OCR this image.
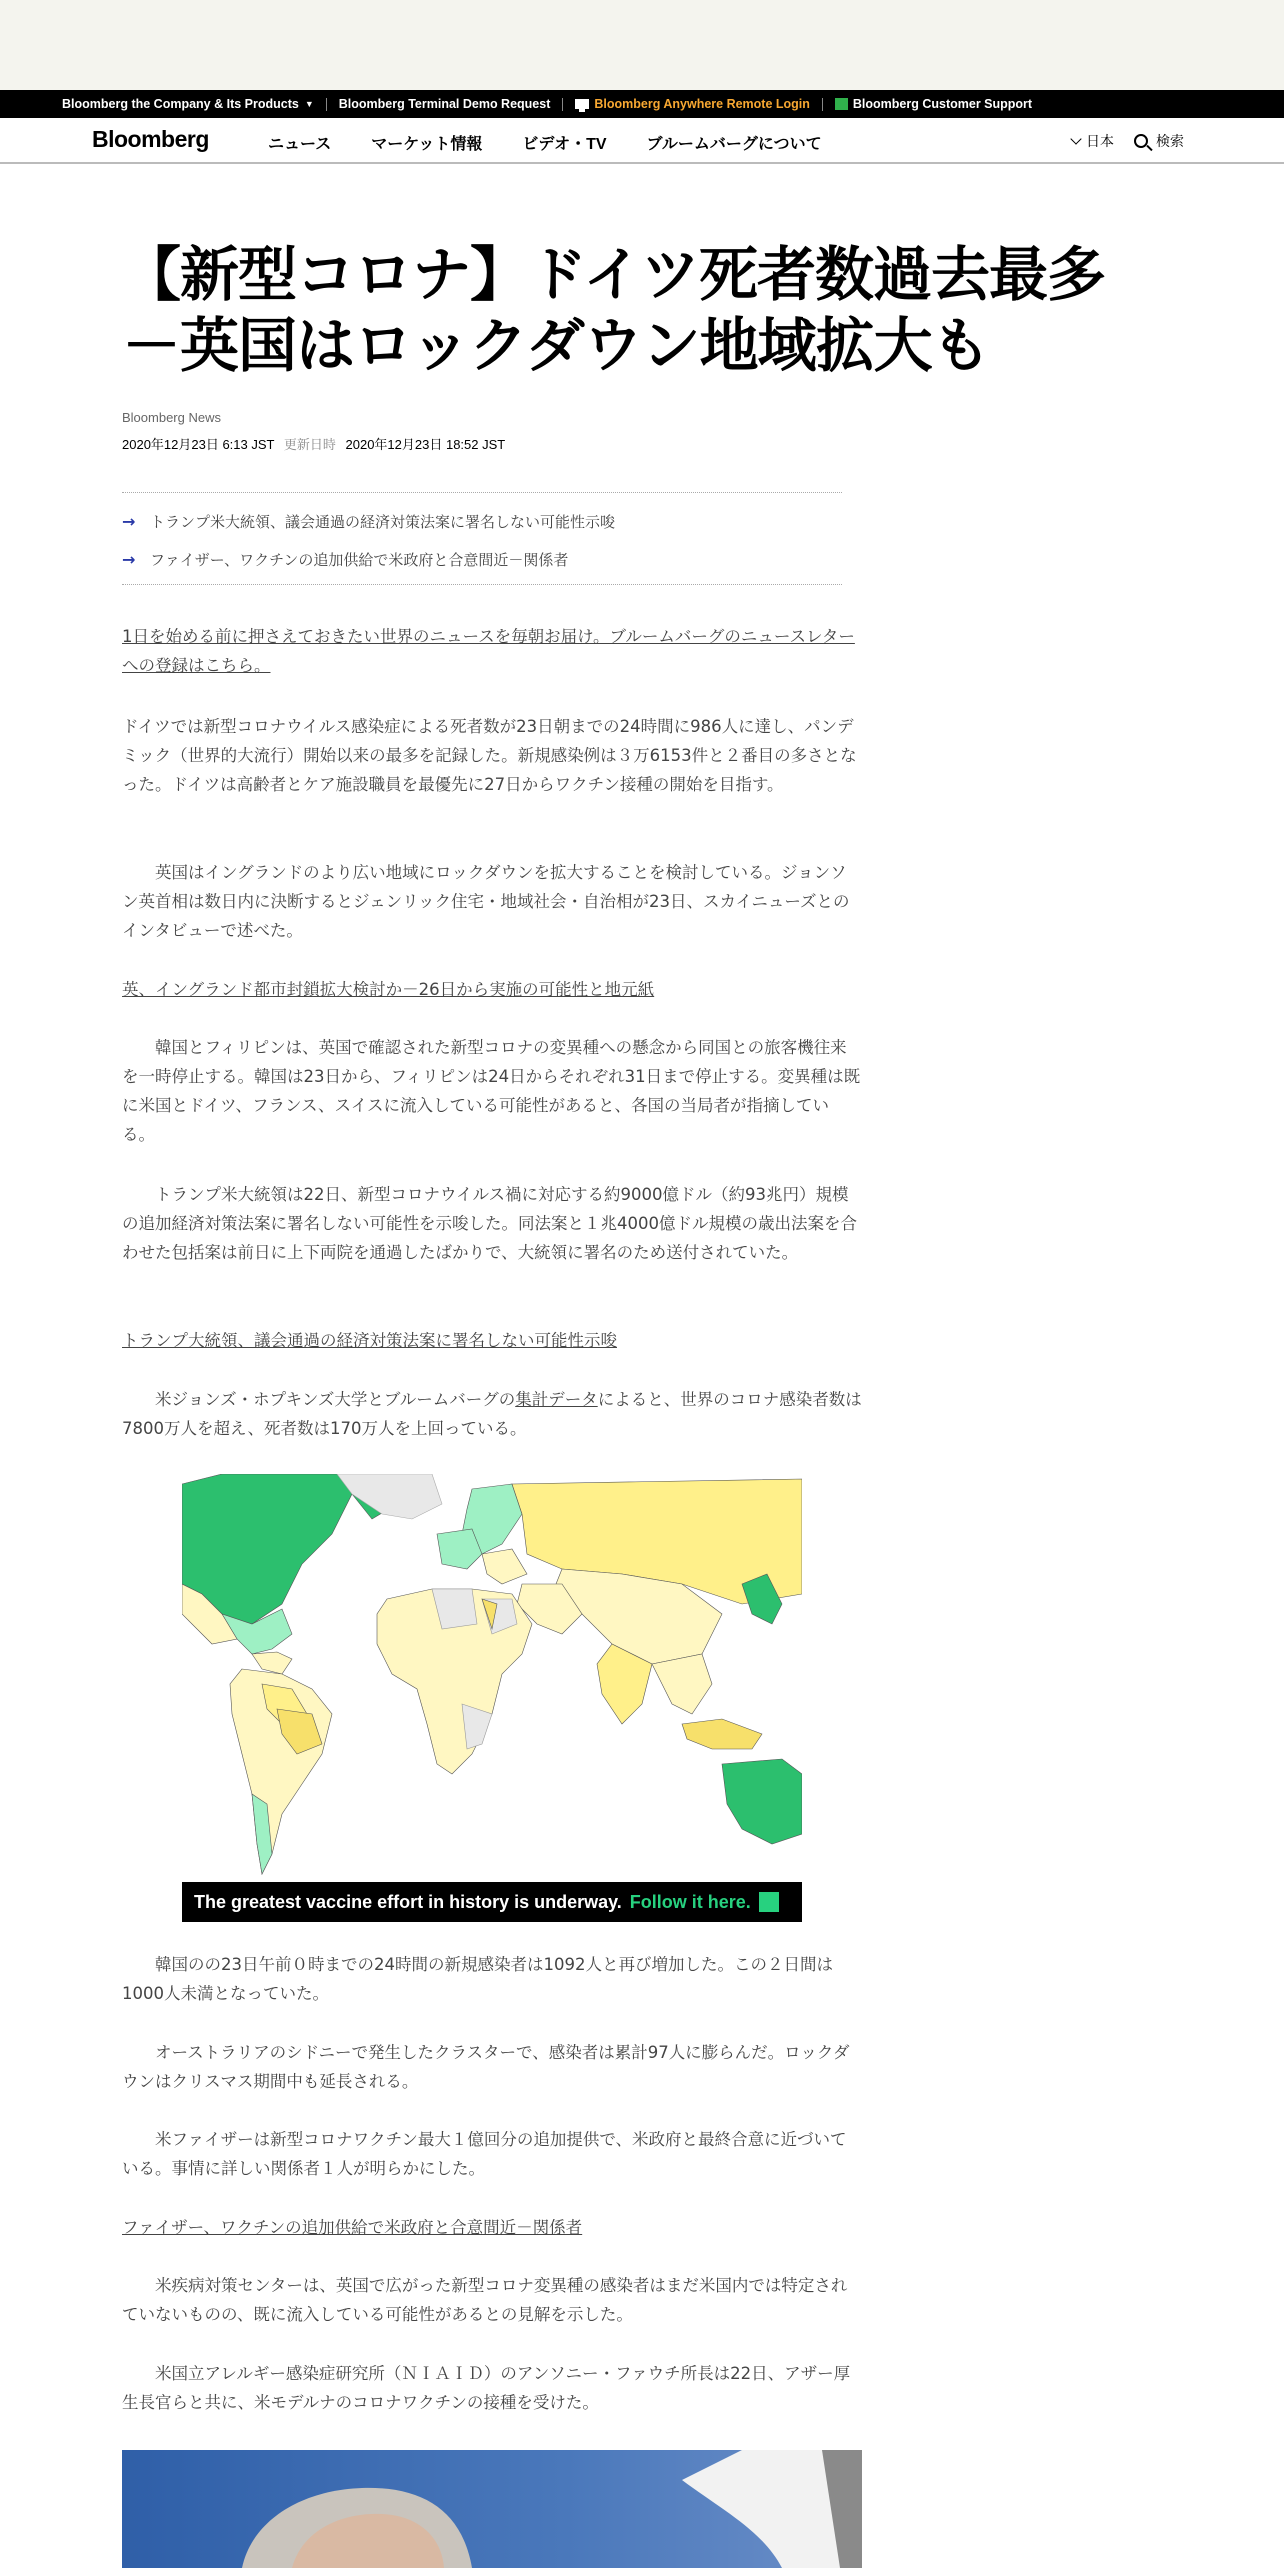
Bloomberg the Company & Its Products ▼ Bloomberg Terminal Demo Request	Bloomberg Anywhere Remote Login	Bloomberg Customer Support
Bloomberg	ニュース	マーケット情報	ビデオ・TV	ブルームバーグについて	日本	検索
【新型コロナ】ドイツ死者数過去最多－英国はロックダウン地域拡大も
Bloomberg News
2020年12月23日 6:13 JST 更新日時 2020年12月23日 18:52 JST
→ トランプ米大統領、議会通過の経済対策法案に署名しない可能性示唆
→ ファイザー、ワクチンの追加供給で米政府と合意間近－関係者

1日を始める前に押さえておきたい世界のニュースを毎朝お届け。ブルームバーグのニュースレターへの登録はこちら。

ドイツでは新型コロナウイルス感染症による死者数が23日朝までの24時間に986人に達し、パンデミック（世界的大流行）開始以来の最多を記録した。新規感染例は３万6153件と２番目の多さとなった。ドイツは高齢者とケア施設職員を最優先に27日からワクチン接種の開始を目指す。

英国はイングランドのより広い地域にロックダウンを拡大することを検討している。ジョンソン英首相は数日内に決断するとジェンリック住宅・地域社会・自治相が23日、スカイニューズとのインタビューで述べた。

英、イングランド都市封鎖拡大検討か－26日から実施の可能性と地元紙

韓国とフィリピンは、英国で確認された新型コロナの変異種への懸念から同国との旅客機往来を一時停止する。韓国は23日から、フィリピンは24日からそれぞれ31日まで停止する。変異種は既に米国とドイツ、フランス、スイスに流入している可能性があると、各国の当局者が指摘している。

トランプ米大統領は22日、新型コロナウイルス禍に対応する約9000億ドル（約93兆円）規模の追加経済対策法案に署名しない可能性を示唆した。同法案と１兆4000億ドル規模の歳出法案を合わせた包括案は前日に上下両院を通過したばかりで、大統領に署名のため送付されていた。

トランプ大統領、議会通過の経済対策法案に署名しない可能性示唆

米ジョンズ・ホプキンズ大学とブルームバーグの集計データによると、世界のコロナ感染者数は7800万人を超え、死者数は170万人を上回っている。

The greatest vaccine effort in history is underway. Follow it here.

韓国のの23日午前０時までの24時間の新規感染者は1092人と再び増加した。この２日間は1000人未満となっていた。

オーストラリアのシドニーで発生したクラスターで、感染者は累計97人に膨らんだ。ロックダウンはクリスマス期間中も延長される。

米ファイザーは新型コロナワクチン最大１億回分の追加提供で、米政府と最終合意に近づいている。事情に詳しい関係者１人が明らかにした。

ファイザー、ワクチンの追加供給で米政府と合意間近－関係者

米疾病対策センターは、英国で広がった新型コロナ変異種の感染者はまだ米国内では特定されていないものの、既に流入している可能性があるとの見解を示した。

米国立アレルギー感染症研究所（ＮＩＡＩＤ）のアンソニー・ファウチ所長は22日、アザー厚生長官らと共に、米モデルナのコロナワクチンの接種を受けた。
